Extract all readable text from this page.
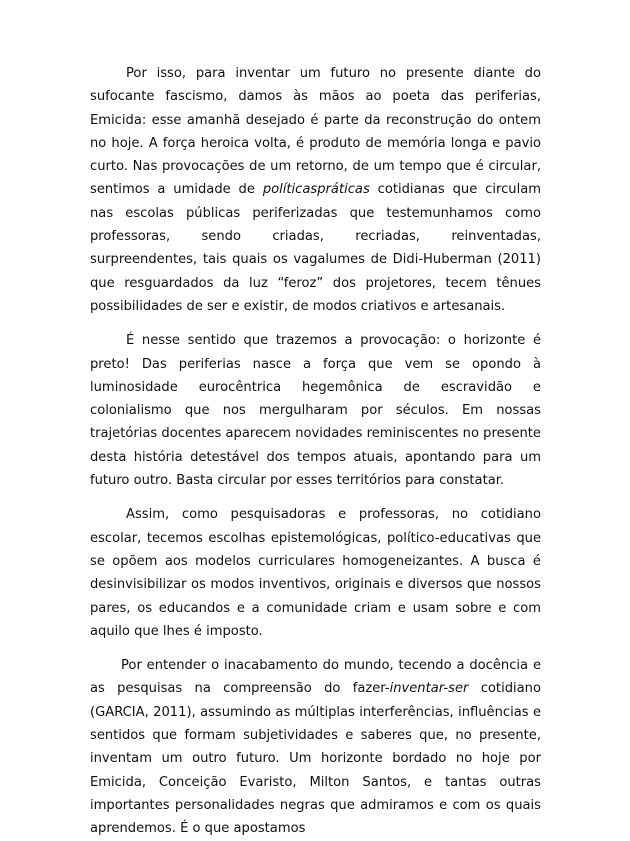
Por isso, para inventar um futuro no presente diante do sufocante fascismo, damos às mãos ao poeta das periferias, Emicida: esse amanhã desejado é parte da reconstrução do ontem no hoje. A força heroica volta, é produto de memória longa e pavio curto. Nas provocações de um retorno, de um tempo que é circular, sentimos a umidade de políticaspráticas cotidianas que circulam nas escolas públicas periferizadas que testemunhamos como professoras, sendo criadas, recriadas, reinventadas, surpreendentes, tais quais os vagalumes de Didi-Huberman (2011) que resguardados da luz “feroz” dos projetores, tecem tênues possibilidades de ser e existir, de modos criativos e artesanais.

É nesse sentido que trazemos a provocação: o horizonte é preto! Das periferias nasce a força que vem se opondo à luminosidade eurocêntrica hegemônica de escravidão e colonialismo que nos mergulharam por séculos. Em nossas trajetórias docentes aparecem novidades reminiscentes no presente desta história detestável dos tempos atuais, apontando para um futuro outro. Basta circular por esses territórios para constatar.

Assim, como pesquisadoras e professoras, no cotidiano escolar, tecemos escolhas epistemológicas, político-educativas que se opõem aos modelos curriculares homogeneizantes. A busca é desinvisibilizar os modos inventivos, originais e diversos que nossos pares, os educandos e a comunidade criam e usam sobre e com aquilo que lhes é imposto.

Por entender o inacabamento do mundo, tecendo a docência e as pesquisas na compreensão do fazer-inventar-ser cotidiano (GARCIA, 2011), assumindo as múltiplas interferências, influências e sentidos que formam subjetividades e saberes que, no presente, inventam um outro futuro. Um horizonte bordado no hoje por Emicida, Conceição Evaristo, Milton Santos, e tantas outras importantes personalidades negras que admiramos e com os quais aprendemos. É o que apostamos
